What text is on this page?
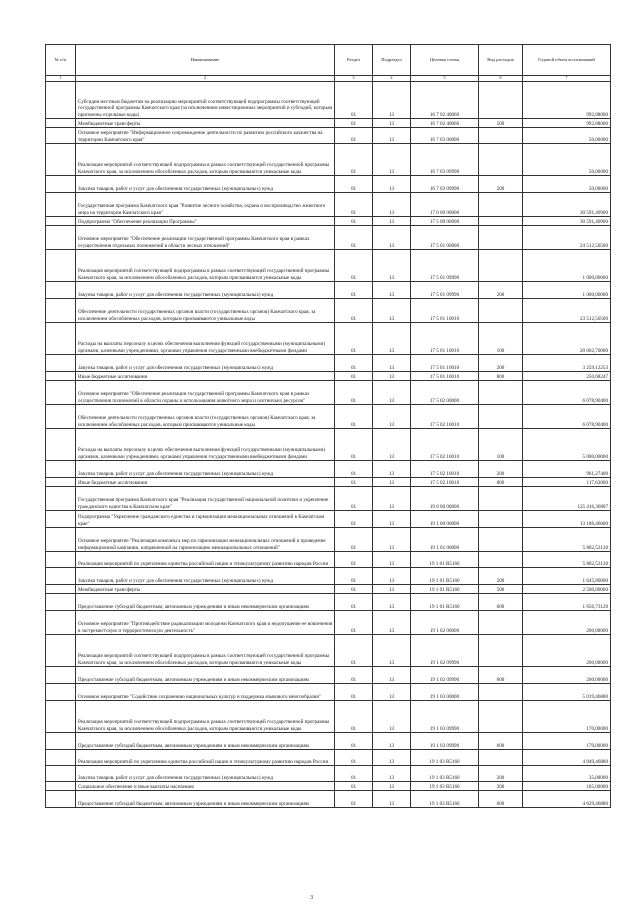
№ п/п	Наименование	Раздел	Подраздел	Целевая статья	Вид расходов	Годовой объем ассигнований
1	2	3	4	5	6	7
	Субсидия местным бюджетам на реализацию мероприятий соответствующей подпрограммы соответствующей государственной программы Камчатского края (за исключением инвестиционных мероприятий и субсидий, которым присвоены отдельные коды)	01	13	16 7 02 40060		992,88000
	Межбюджетные трансферты	01	13	16 7 02 40060	500	992,88000
	Основное мероприятие "Информационное сопровождение деятельности по развитию российского казачества на территории Камчатского края"	01	13	16 7 03 00000		50,00000
	Реализация мероприятий соответствующей подпрограммы в рамках соответствующей государственной программы Камчатского края, за исключением обособленных расходов, которым присваиваются уникальные коды	01	13	16 7 03 09990		50,00000
	Закупка товаров, работ и услуг для обеспечения государственных (муниципальных) нужд	01	13	16 7 03 09990	200	50,00000
	Государственная программа Камчатского края "Развитие лесного хозяйства, охрана и воспроизводство животного мира на территории Камчатского края"	01	13	17 0 00 00000		30 591,40900
	Подпрограмма "Обеспечение реализации Программы"	01	13	17 5 00 00000		30 591,40900
	Основное мероприятие "Обеспечение реализации государственной программы Камчатского края в рамках осуществления отдельных полномочий в области лесных отношений"	01	13	17 5 01 00000		24 512,50500
	Реализация мероприятий соответствующей подпрограммы в рамках соответствующей государственной программы Камчатского края, за исключением обособленных расходов, которым присваиваются уникальные коды	01	13	17 5 01 09990		1 000,00000
	Закупка товаров, работ и услуг для обеспечения государственных (муниципальных) нужд	01	13	17 5 01 09990	200	1 000,00000
	Обеспечение деятельности государственных органов власти (государственных органов) Камчатского края, за исключением обособленных расходов, которым присваиваются уникальные коды	01	13	17 5 01 10010		23 512,50500
	Расходы на выплаты персоналу в целях обеспечения выполнения функций государственными (муниципальными) органами, казенными учреждениями, органами управления государственными внебюджетными фондами	01	13	17 5 01 10010	100	20 002,70000
	Закупка товаров, работ и услуг для обеспечения государственных (муниципальных) нужд	01	13	17 5 01 10010	200	3 259,12253
	Иные бюджетные ассигнования	01	13	17 5 01 10010	800	250,68247
	Основное мероприятие "Обеспечение реализации государственной программы Камчатского края в рамках осуществления полномочий в области охраны и использования животного мира и охотничьих ресурсов"	01	13	17 5 02 00000		6 078,90400
	Обеспечение деятельности государственных органов власти (государственных органов) Камчатского края, за исключением обособленных расходов, которым присваиваются уникальные коды	01	13	17 5 02 10010		6 078,90400
	Расходы на выплаты персоналу в целях обеспечения выполнения функций государственными (муниципальными) органами, казенными учреждениями, органами управления государственными внебюджетными фондами	01	13	17 5 02 10010	100	5 000,00000
	Закупка товаров, работ и услуг для обеспечения государственных (муниципальных) нужд	01	13	17 5 02 10010	200	961,27400
	Иные бюджетные ассигнования	01	13	17 5 02 10010	800	117,63000
	Государственная программа Камчатского края "Реализация государственной национальной политики и укрепление гражданского единства в Камчатском крае"	01	13	19 0 00 00000		125 416,36807
	Подпрограмма "Укрепление гражданского единства и гармонизация межнациональных отношений в Камчатском крае"	01	13	19 1 00 00000		13 186,46000
	Основное мероприятие "Реализация комплекса мер по гармонизации межнациональных отношений и проведение информационной кампании, направленной на гармонизацию межнациональных отношений"	01	13	19 1 01 00000		5 802,53120
	Реализация мероприятий по укреплению единства российской нации и этнокультурному развитию народов России	01	13	19 1 01 R5160		5 802,53120
	Закупка товаров, работ и услуг для обеспечения государственных (муниципальных) нужд	01	13	19 1 01 R5160	200	1 645,80000
	Межбюджетные трансферты	01	13	19 1 01 R5160	500	2 500,00000
	Предоставление субсидий бюджетным, автономным учреждениям и иным некоммерческим организациям	01	13	19 1 01 R5160	600	1 656,73120
	Основное мероприятие "Противодействие радикализации молодежи Камчатского края и недопущение ее вовлечения в экстремистскую и террористическую деятельность"	01	13	19 1 02 00000		200,00000
	Реализация мероприятий соответствующей подпрограммы в рамках соответствующей государственной программы Камчатского края, за исключением обособленных расходов, которым присваиваются уникальные коды	01	13	19 1 02 09990		200,00000
	Предоставление субсидий бюджетным, автономным учреждениям и иным некоммерческим организациям	01	13	19 1 02 09990	600	200,00000
	Основное мероприятие "Содействие сохранению национальных культур и поддержка языкового многообразия"	01	13	19 1 03 00000		5 019,46880
	Реализация мероприятий соответствующей подпрограммы в рамках соответствующей государственной программы Камчатского края, за исключением обособленных расходов, которым присваиваются уникальные коды	01	13	19 1 03 09990		170,00000
	Предоставление субсидий бюджетным, автономным учреждениям и иным некоммерческим организациям	01	13	19 1 03 09990	600	170,00000
	Реализация мероприятий по укреплению единства российской нации и этнокультурному развитию народов России	01	13	19 1 03 R5160		4 849,46880
	Закупка товаров, работ и услуг для обеспечения государственных (муниципальных) нужд	01	13	19 1 03 R5160	200	35,00000
	Социальное обеспечение и иные выплаты населению	01	13	19 1 03 R5160	300	185,00000
	Предоставление субсидий бюджетным, автономным учреждениям и иным некоммерческим организациям	01	13	19 1 03 R5160	600	4 629,46880
3
